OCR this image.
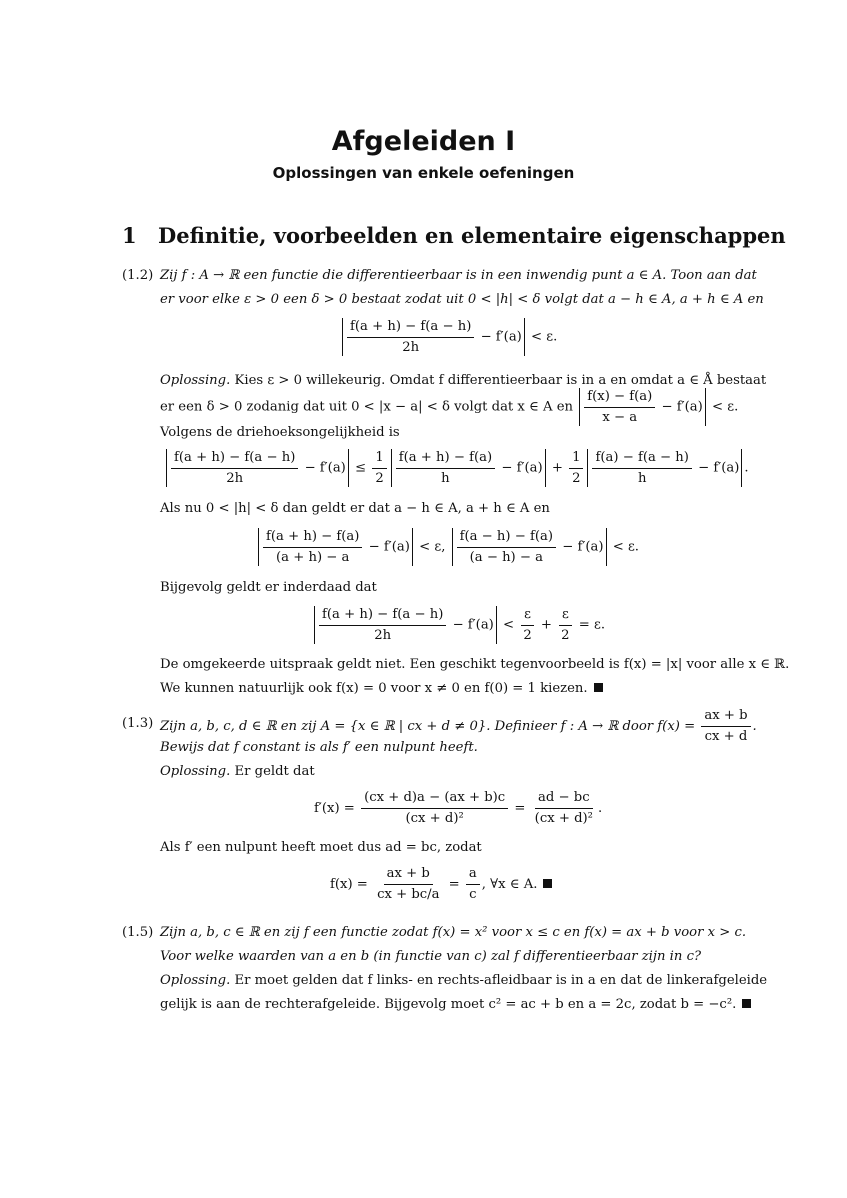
Afgeleiden I
Oplossingen van enkele oefeningen
1 Definitie, voorbeelden en elementaire eigenschappen
(1.2) Zij f : A → ℝ een functie die differentieerbaar is in een inwendig punt a ∈ A. Toon aan dat
er voor elke ε > 0 een δ > 0 bestaat zodat uit 0 < |h| < δ volgt dat a − h ∈ A, a + h ∈ A en
$\frac{f(a + h) - f(a - h)}{2h} - f'(a) < \varepsilon$.
Oplossing. Kies ε > 0 willekeurig. Omdat f differentieerbaar is in a en omdat a ∈ Å bestaat
er een δ > 0 zodanig dat uit 0 < |x − a| < δ volgt dat x ∈ A en $\frac{f(x) - f(a)}{x - a} - f'(a) < \varepsilon$.
Volgens de driehoeksongelijkheid is
$\frac{f(a + h) - f(a - h)}{2h} - f'(a) \le \frac{1}{2} \frac{f(a + h) - f(a)}{h} - f'(a) + \frac{1}{2} \frac{f(a) - f(a - h)}{h} - f'(a)$ .
Als nu 0 < |h| < δ dan geldt er dat a − h ∈ A, a + h ∈ A en
$\frac{f(a + h) - f(a)}{(a + h) - a} - f'(a) < \varepsilon$, $\frac{f(a - h) - f(a)}{(a - h) - a} - f'(a) < \varepsilon$.
Bijgevolg geldt er inderdaad dat
$\frac{f(a + h) - f(a - h)}{2h} - f'(a) < \frac{\varepsilon}{2} + \frac{\varepsilon}{2} = \varepsilon$.
De omgekeerde uitspraak geldt niet. Een geschikt tegenvoorbeeld is f(x) = |x| voor alle x ∈ ℝ.
We kunnen natuurlijk ook f(x) = 0 voor x ≠ 0 en f(0) = 1 kiezen.
(1.3) Zijn a, b, c, d ∈ ℝ en zij A = {x ∈ ℝ | cx + d ≠ 0}. Definieer f : A → ℝ door $f(x) = \frac{ax + b}{cx + d}$ .
Bewijs dat f constant is als f′ een nulpunt heeft.
Oplossing. Er geldt dat
$f'(x) = \frac{(cx + d)a - (ax + b)c}{\text{(cx + d)²}} = \frac{ad - bc}{\text{(cx + d)²}}$ .
Als f′ een nulpunt heeft moet dus ad = bc, zodat
$f(x) = \frac{ax + b}{cx + bc/a} = \frac{a}{c}$ , ∀x ∈ A.
(1.5) Zijn a, b, c ∈ ℝ en zij f een functie zodat f(x) = x² voor x ≤ c en f(x) = ax + b voor x > c.
Voor welke waarden van a en b (in functie van c) zal f differentieerbaar zijn in c?
Oplossing. Er moet gelden dat f links- en rechts-afleidbaar is in a en dat de linkerafgeleide
gelijk is aan de rechterafgeleide. Bijgevolg moet c² = ac + b en a = 2c, zodat b = −c².
